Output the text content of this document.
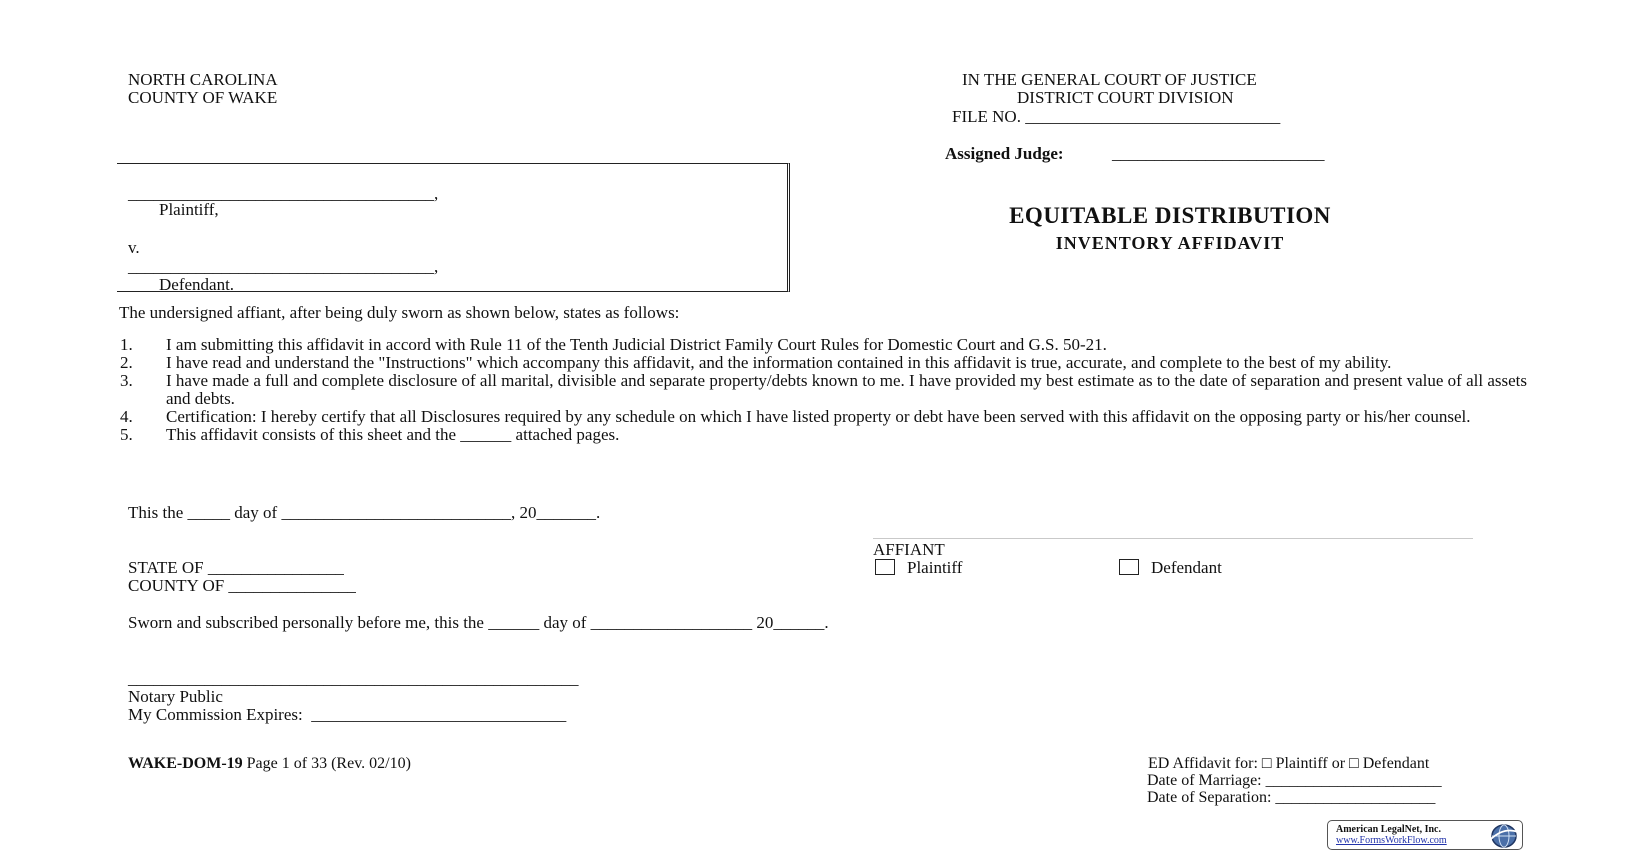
NORTH CAROLINA
COUNTY OF WAKE
IN THE GENERAL COURT OF JUSTICE
DISTRICT COURT DIVISION
FILE NO. ______________________________
Assigned Judge:	_________________________
____________________________________,
Plaintiff,
v.
____________________________________,
Defendant.
EQUITABLE DISTRIBUTION
INVENTORY AFFIDAVIT
The undersigned affiant, after being duly sworn as shown below, states as follows:
1.	I am submitting this affidavit in accord with Rule 11 of the Tenth Judicial District Family Court Rules for Domestic Court and G.S. 50-21.
2.	I have read and understand the "Instructions" which accompany this affidavit, and the information contained in this affidavit is true, accurate, and complete to the best of my ability.
3.	I have made a full and complete disclosure of all marital, divisible and separate property/debts known to me. I have provided my best estimate as to the date of separation and present value of all assets and debts.
4.	Certification: I hereby certify that all Disclosures required by any schedule on which I have listed property or debt have been served with this affidavit on the opposing party or his/her counsel.
5.	This affidavit consists of this sheet and the ______ attached pages.
This the _____ day of ___________________________, 20_______.
AFFIANT
Plaintiff	Defendant
STATE OF ________________
COUNTY OF _______________
Sworn and subscribed personally before me, this the ______ day of ___________________ 20______.
_____________________________________________________
Notary Public
My Commission Expires:  ______________________________
WAKE-DOM-19 Page 1 of 33 (Rev. 02/10)	ED Affidavit for: □ Plaintiff or □ Defendant
Date of Marriage: ______________________
Date of Separation: ____________________
American LegalNet, Inc.
www.FormsWorkFlow.com
